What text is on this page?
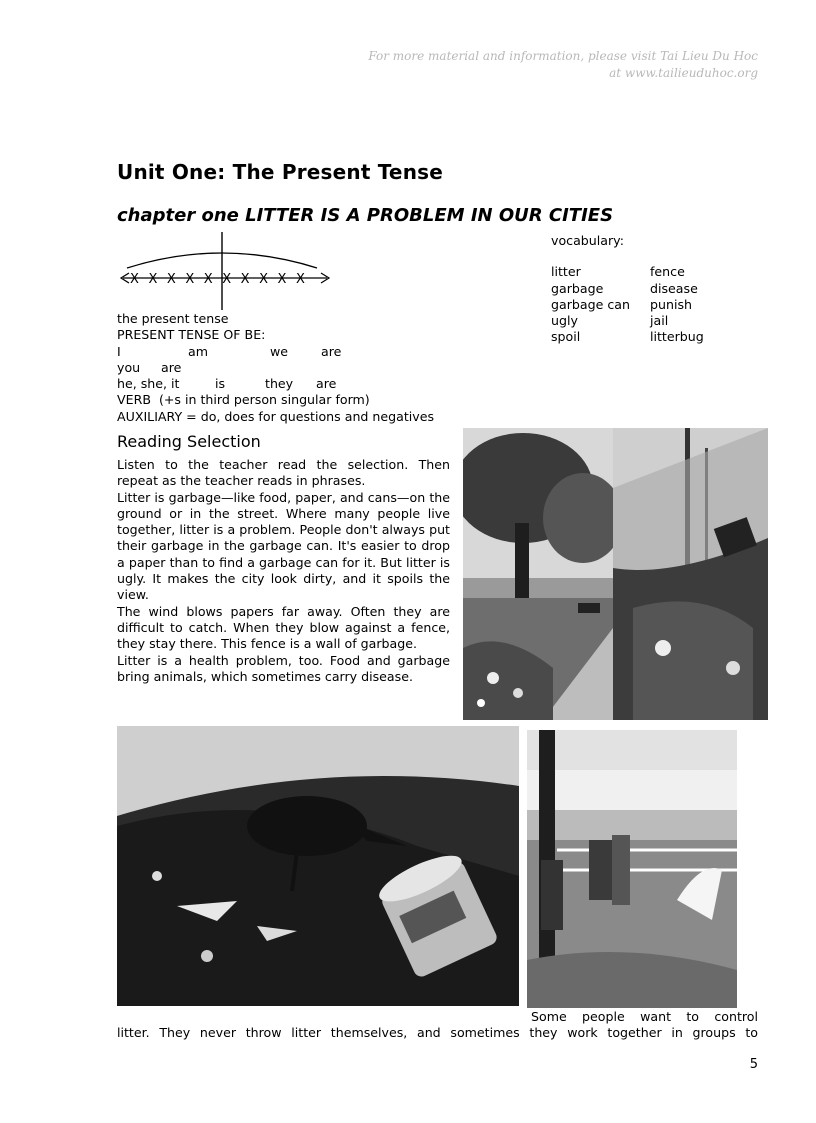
For more material and information, please visit Tai Lieu Du Hoc
at www.tailieuduhoc.org
Unit One: The Present Tense
chapter one LITTER IS A PROBLEM IN OUR CITIES
X X X X X X X X X X
vocabulary:
litter	fence
garbage	disease
garbage can	punish
ugly	jail
spoil	litterbug
the present tense
PRESENT TENSE OF BE:
I	am	we	are
you	are
he, she, it	is	they	are
VERB  (+s in third person singular form)
AUXILIARY = do, does for questions and negatives
Reading Selection

Listen to the teacher read the selection. Then repeat as the teacher reads in phrases.

Litter is garbage—like food, paper, and cans—on the ground or in the street. Where many people live together, litter is a problem. People don't always put their garbage in the garbage can. It's easier to drop a paper than to find a garbage can for it. But litter is ugly. It makes the city look dirty, and it spoils the view.

The wind blows papers far away. Often they are difficult to catch. When they blow against a fence, they stay there. This fence is a wall of garbage.

Litter is a health problem, too. Food and garbage bring animals, which sometimes carry disease.

Some people want to control
litter. They never throw litter themselves, and sometimes they work together in groups to
5
